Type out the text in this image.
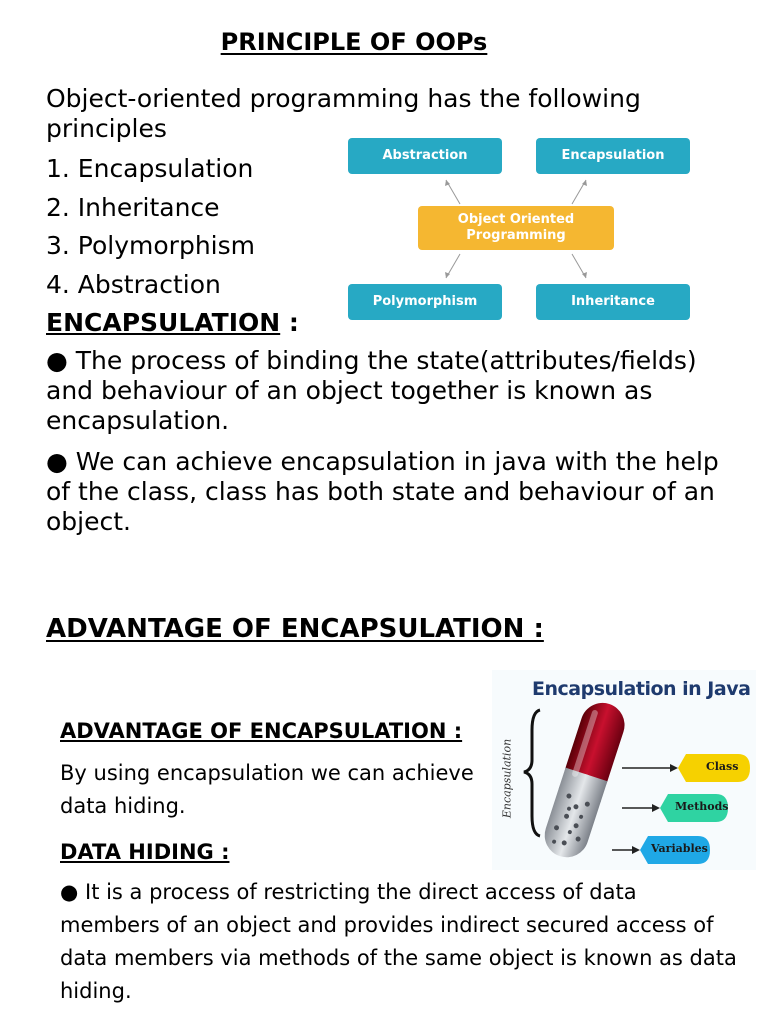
PRINCIPLE OF OOPs
Object-oriented programming has the following principles
1. Encapsulation
2. Inheritance
3. Polymorphism
4. Abstraction
Abstraction	Encapsulation
Object Oriented Programming
Polymorphism	Inheritance
ENCAPSULATION :
● The process of binding the state(attributes/fields) and behaviour of an object together is known as encapsulation.
● We can achieve encapsulation in java with the help of the class, class has both state and behaviour of an object.
ADVANTAGE OF ENCAPSULATION :
ADVANTAGE OF ENCAPSULATION :
By using encapsulation we can achieve data hiding.
Encapsulation in Java
Encapsulation	Class
Methods
Variables
DATA HIDING :
● It is a process of restricting the direct access of data members of an object and provides indirect secured access of data members via methods of the same object is known as data hiding.
